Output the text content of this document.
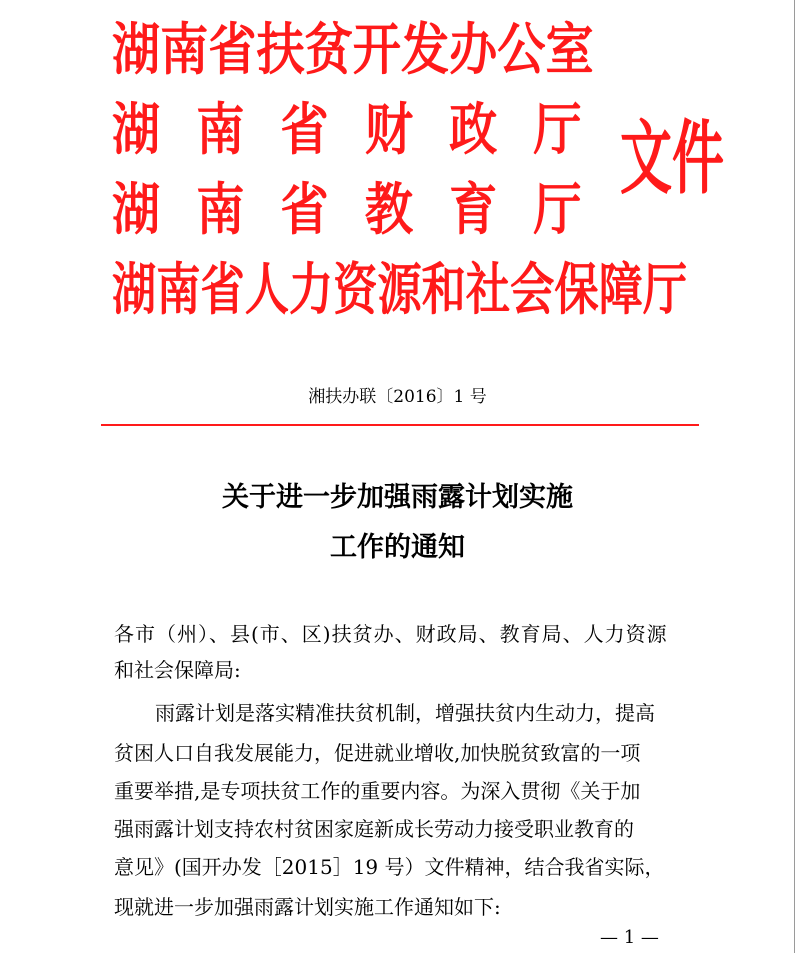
湖南省扶贫开发办公室
湖南省财政厅
湖南省教育厅
湖南省人力资源和社会保障厅
文件
湘扶办联〔2016〕1 号
关于进一步加强雨露计划实施
工作的通知
各市（州）、县(市、区)扶贫办、财政局、教育局、人力资源
和社会保障局:
雨露计划是落实精准扶贫机制，增强扶贫内生动力，提高
贫困人口自我发展能力，促进就业增收,加快脱贫致富的一项
重要举措,是专项扶贫工作的重要内容。为深入贯彻《关于加
强雨露计划支持农村贫困家庭新成长劳动力接受职业教育的
意见》(国开办发［2015］19 号）文件精神，结合我省实际，
现就进一步加强雨露计划实施工作通知如下:
— 1 —
